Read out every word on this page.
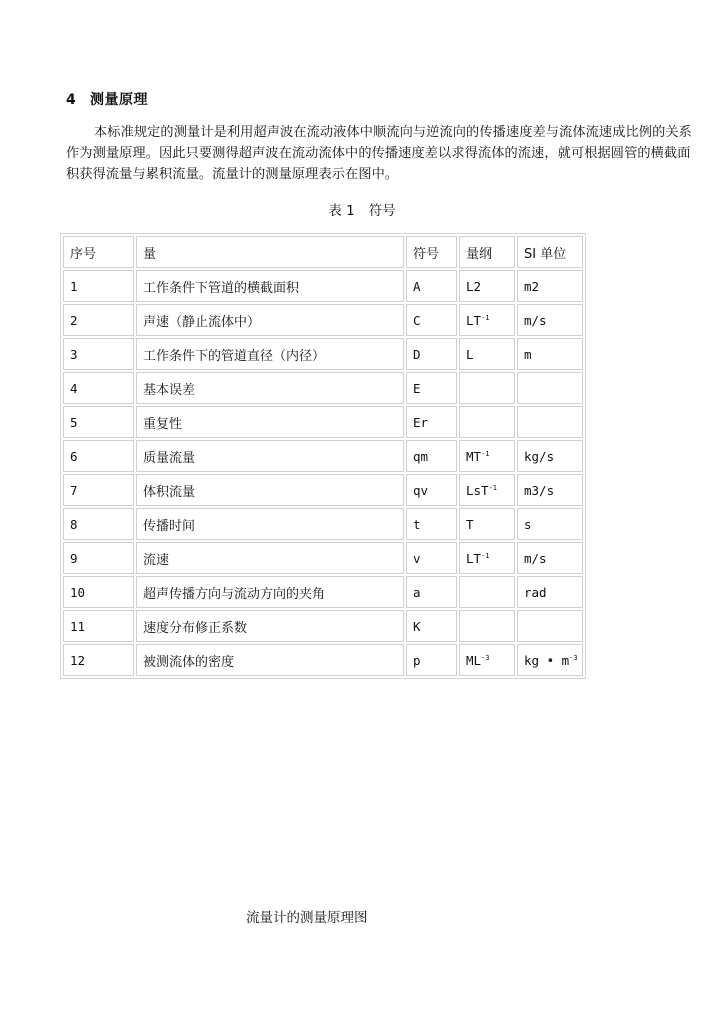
4 测量原理
本标准规定的测量计是利用超声波在流动液体中顺流向与逆流向的传播速度差与流体流速成比例的关系作为测量原理。因此只要测得超声波在流动流体中的传播速度差以求得流体的流速，就可根据圆管的横截面积获得流量与累积流量。流量计的测量原理表示在图中。
表 1 符号
序号	量	符号	量纲	SI 单位
1	工作条件下管道的横截面积	A	L2	m2
2	声速（静止流体中）	C	$LT^{-1}$	m/s
3	工作条件下的管道直径（内径）	D	L	m
4	基本误差	E		
5	重复性	Er		
6	质量流量	qm	$MT^{-1}$	kg/s
7	体积流量	qv	LsT$^{-1}$	m3/s
8	传播时间	t	T	s
9	流速	v	$LT^{-1}$	m/s
10	超声传播方向与流动方向的夹角	a		rad
11	速度分布修正系数	K		
12	被测流体的密度	p	$ML^{-3}$	kg • $m^{-3}$
流量计的测量原理图
